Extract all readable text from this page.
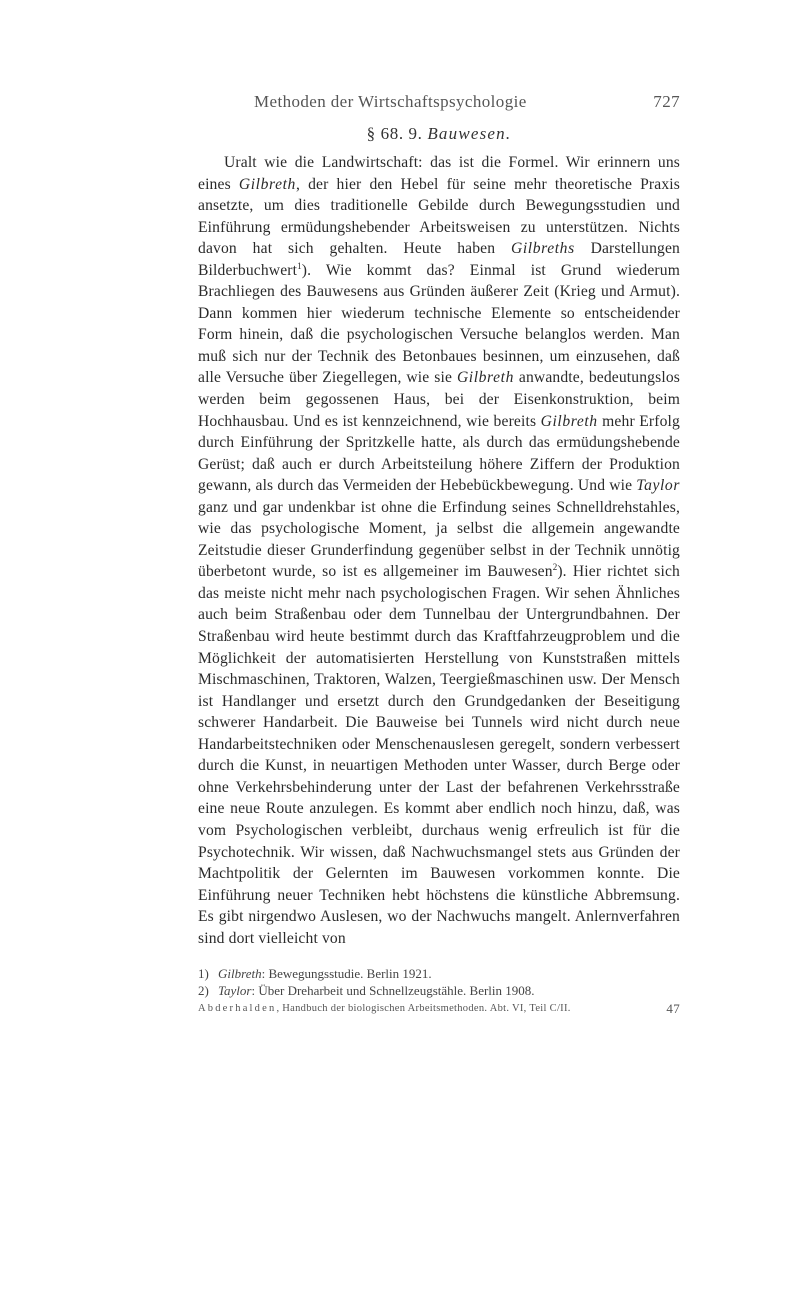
Methoden der Wirtschaftspsychologie	727
§ 68. 9. Bauwesen.

Uralt wie die Landwirtschaft: das ist die Formel. Wir erinnern uns eines Gilbreth, der hier den Hebel für seine mehr theoretische Praxis ansetzte, um dies traditionelle Gebilde durch Bewegungsstudien und Einführung ermüdungshebender Arbeitsweisen zu unterstützen. Nichts davon hat sich gehalten. Heute haben Gilbreths Darstellungen Bilderbuchwert$^1$). Wie kommt das? Einmal ist Grund wiederum Brachliegen des Bauwesens aus Gründen äußerer Zeit (Krieg und Armut). Dann kommen hier wiederum technische Elemente so entscheidender Form hinein, daß die psychologischen Versuche belanglos werden. Man muß sich nur der Technik des Betonbaues besinnen, um einzusehen, daß alle Versuche über Ziegellegen, wie sie Gilbreth anwandte, bedeutungslos werden beim gegossenen Haus, bei der Eisenkonstruktion, beim Hochhausbau. Und es ist kennzeichnend, wie bereits Gilbreth mehr Erfolg durch Einführung der Spritzkelle hatte, als durch das ermüdungshebende Gerüst; daß auch er durch Arbeitsteilung höhere Ziffern der Produktion gewann, als durch das Vermeiden der Hebebückbewegung. Und wie Taylor ganz und gar undenkbar ist ohne die Erfindung seines Schnelldrehstahles, wie das psychologische Moment, ja selbst die allgemein angewandte Zeitstudie dieser Grunderfindung gegenüber selbst in der Technik unnötig überbetont wurde, so ist es allgemeiner im Bauwesen$^2$). Hier richtet sich das meiste nicht mehr nach psychologischen Fragen. Wir sehen Ähnliches auch beim Straßenbau oder dem Tunnelbau der Untergrundbahnen. Der Straßenbau wird heute bestimmt durch das Kraftfahrzeugproblem und die Möglichkeit der automatisierten Herstellung von Kunststraßen mittels Mischmaschinen, Traktoren, Walzen, Teergießmaschinen usw. Der Mensch ist Handlanger und ersetzt durch den Grundgedanken der Beseitigung schwerer Handarbeit. Die Bauweise bei Tunnels wird nicht durch neue Handarbeitstechniken oder Menschenauslesen geregelt, sondern verbessert durch die Kunst, in neuartigen Methoden unter Wasser, durch Berge oder ohne Verkehrsbehinderung unter der Last der befahrenen Verkehrsstraße eine neue Route anzulegen. Es kommt aber endlich noch hinzu, daß, was vom Psychologischen verbleibt, durchaus wenig erfreulich ist für die Psychotechnik. Wir wissen, daß Nachwuchsmangel stets aus Gründen der Machtpolitik der Gelernten im Bauwesen vorkommen konnte. Die Einführung neuer Techniken hebt höchstens die künstliche Abbremsung. Es gibt nirgendwo Auslesen, wo der Nachwuchs mangelt. Anlernverfahren sind dort vielleicht von

1) Gilbreth: Bewegungsstudie. Berlin 1921.
2) Taylor: Über Dreharbeit und Schnellzeugstähle. Berlin 1908.
Abderhalden, Handbuch der biologischen Arbeitsmethoden. Abt. VI, Teil C/II.	47
